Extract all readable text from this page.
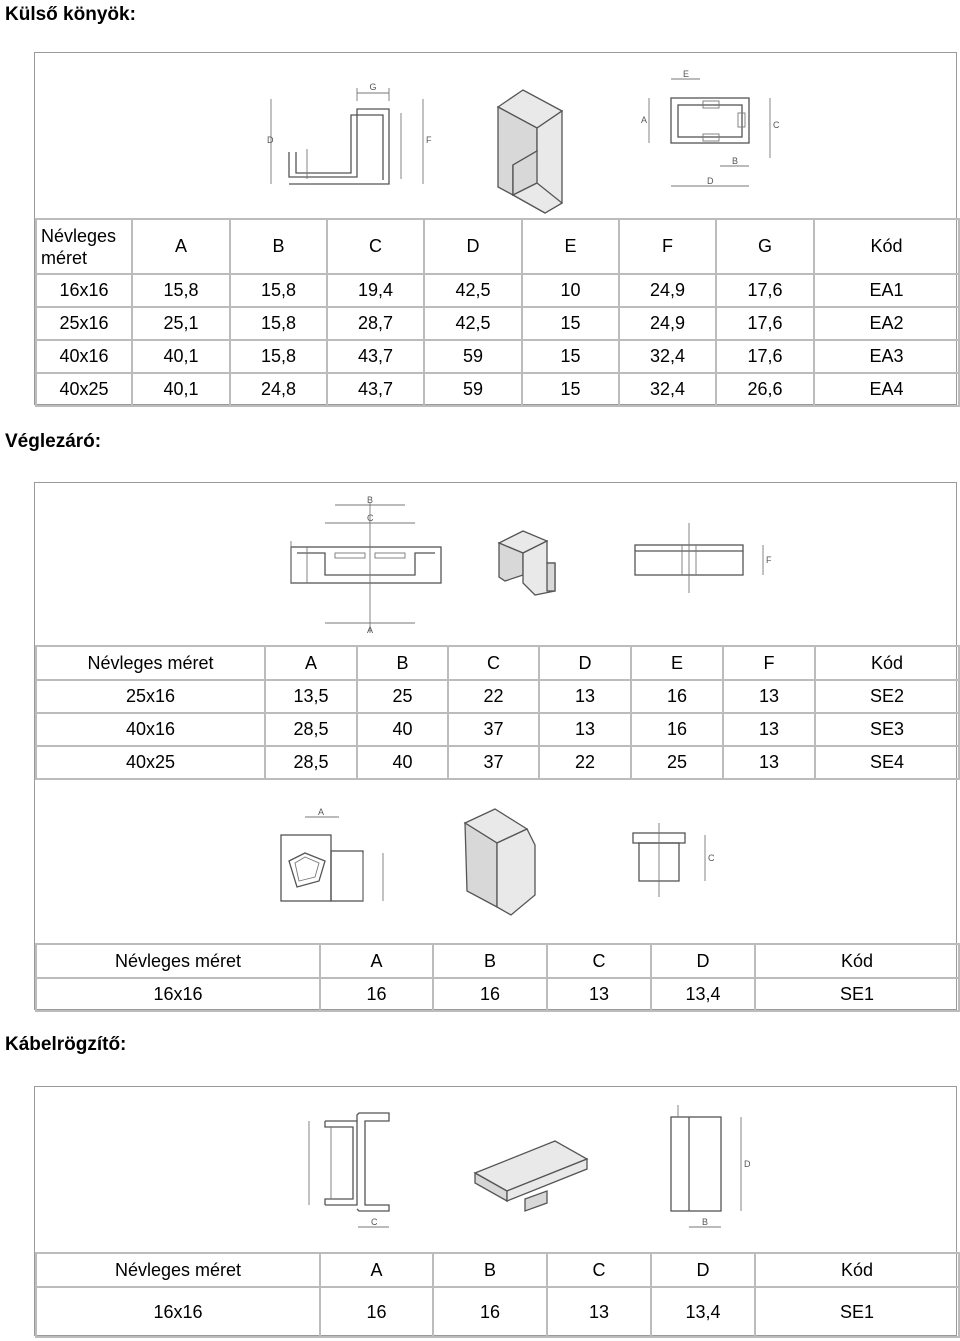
Külső könyök:
G
D	F
E
A	C
B
D
Névleges méret	A	B	C	D	E	F	G	Kód
16x16	15,8	15,8	19,4	42,5	10	24,9	17,6	EA1
25x16	25,1	15,8	28,7	42,5	15	24,9	17,6	EA2
40x16	40,1	15,8	43,7	59	15	32,4	17,6	EA3
40x25	40,1	24,8	43,7	59	15	32,4	26,6	EA4
Véglezáró:
B
C
A
F
Névleges méret	A	B	C	D	E	F	Kód
25x16	13,5	25	22	13	16	13	SE2
40x16	28,5	40	37	13	16	13	SE3
40x25	28,5	40	37	22	25	13	SE4
A
C
Névleges méret	A	B	C	D	Kód
16x16	16	16	13	13,4	SE1
Kábelrögzítő:
C
D
B
Névleges méret	A	B	C	D	Kód
16x16	16	16	13	13,4	SE1
